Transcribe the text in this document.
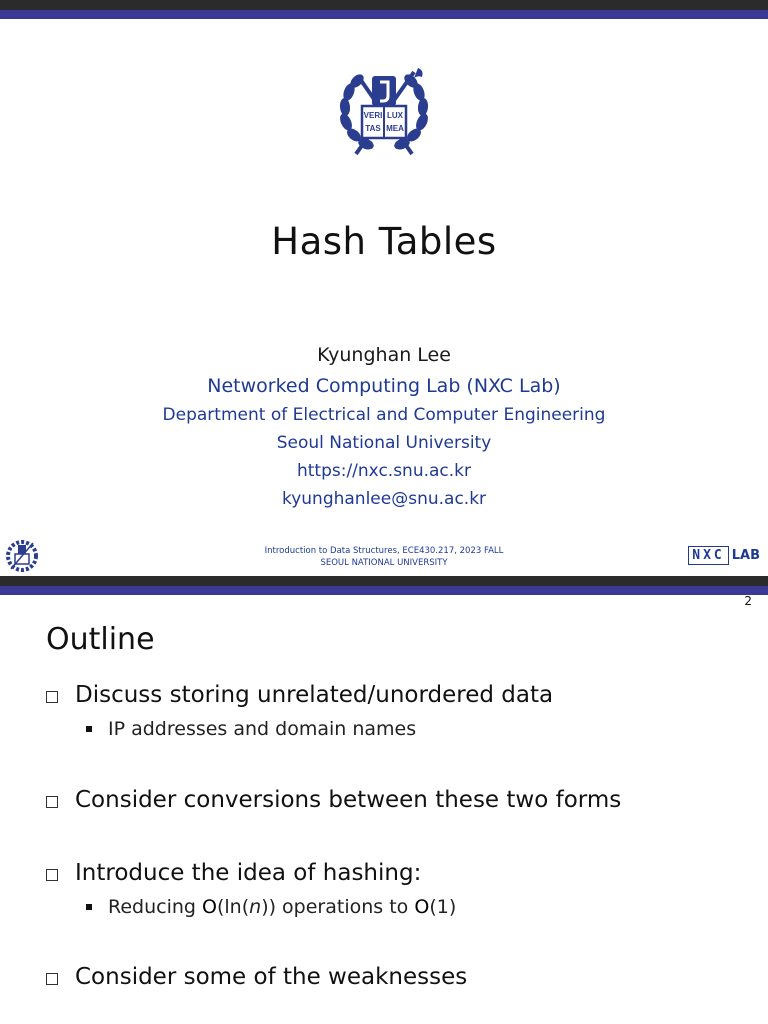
VERI LUX
TAS MEA
Hash Tables
Kyunghan Lee
Networked Computing Lab (NXC Lab)
Department of Electrical and Computer Engineering
Seoul National University
https://nxc.snu.ac.kr
kyunghanlee@snu.ac.kr
Introduction to Data Structures, ECE430.217, 2023 FALL
SEOUL NATIONAL UNIVERSITY	NXC LAB
2
Outline
Discuss storing unrelated/unordered data
IP addresses and domain names
Consider conversions between these two forms
Introduce the idea of hashing:
Reducing O (ln( n )) operations to O (1)
Consider some of the weaknesses
